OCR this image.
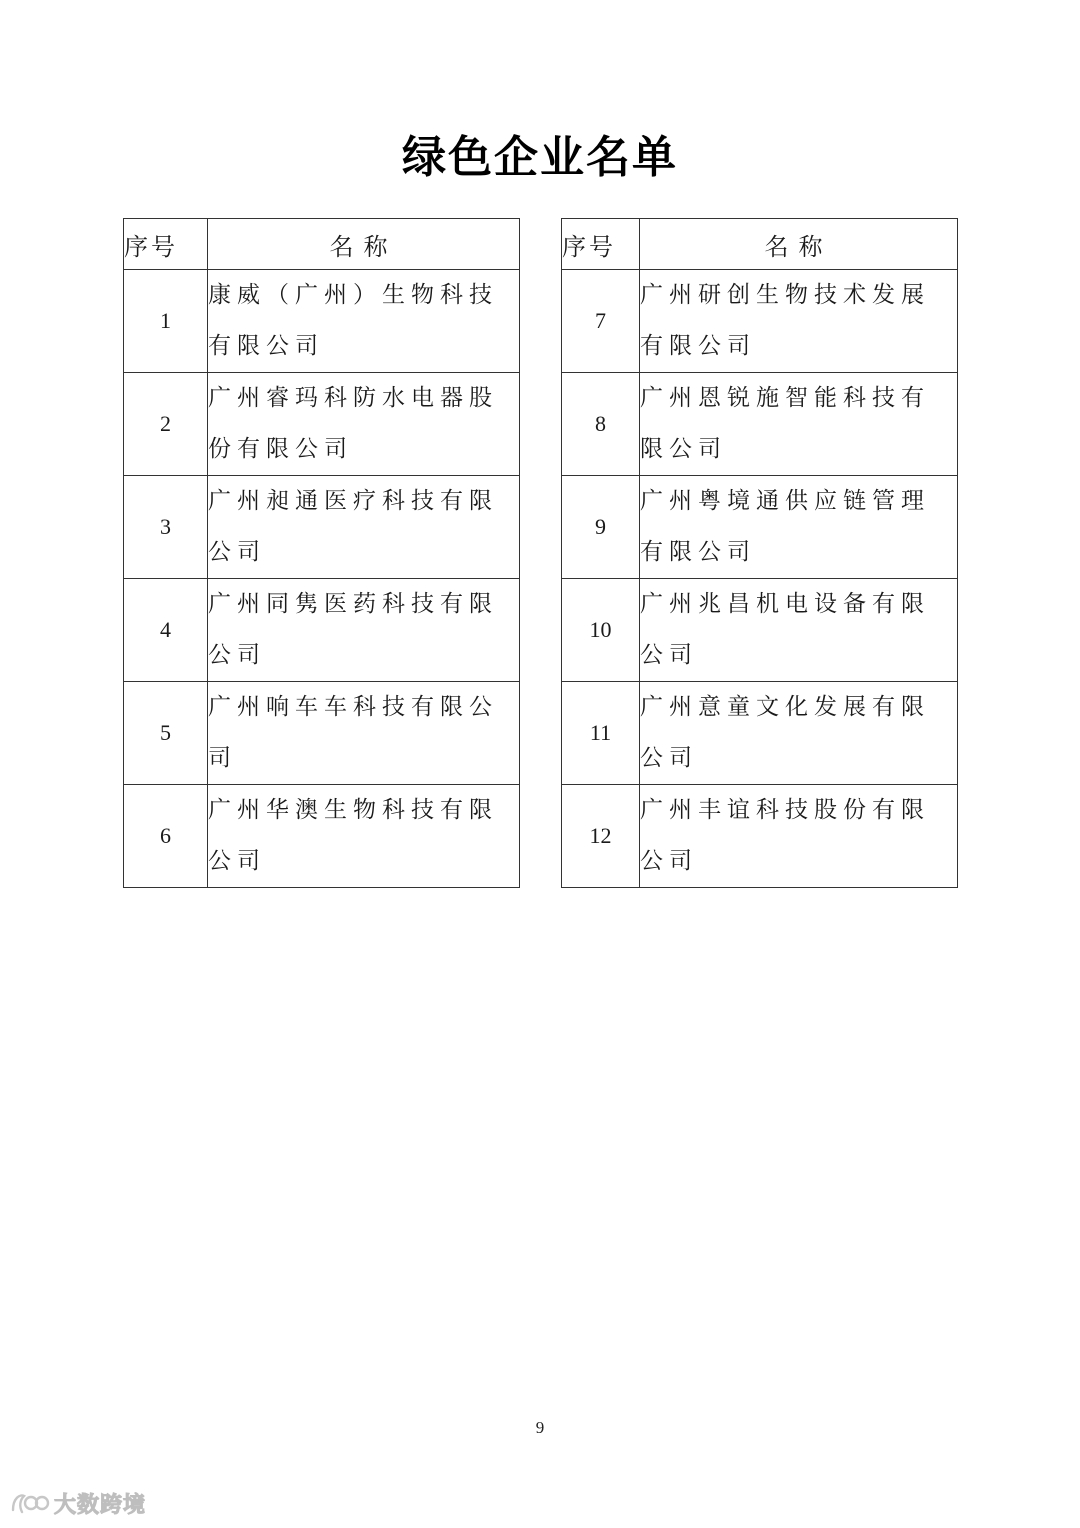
绿色企业名单
序号	名称
1	康威（广州）生物科技有限公司
2	广州睿玛科防水电器股份有限公司
3	广州昶通医疗科技有限公司
4	广州同隽医药科技有限公司
5	广州响车车科技有限公司
6	广州华澳生物科技有限公司
序号	名称
7	广州研创生物技术发展有限公司
8	广州恩锐施智能科技有限公司
9	广州粤境通供应链管理有限公司
10	广州兆昌机电设备有限公司
11	广州意童文化发展有限公司
12	广州丰谊科技股份有限公司
9
大数跨境
